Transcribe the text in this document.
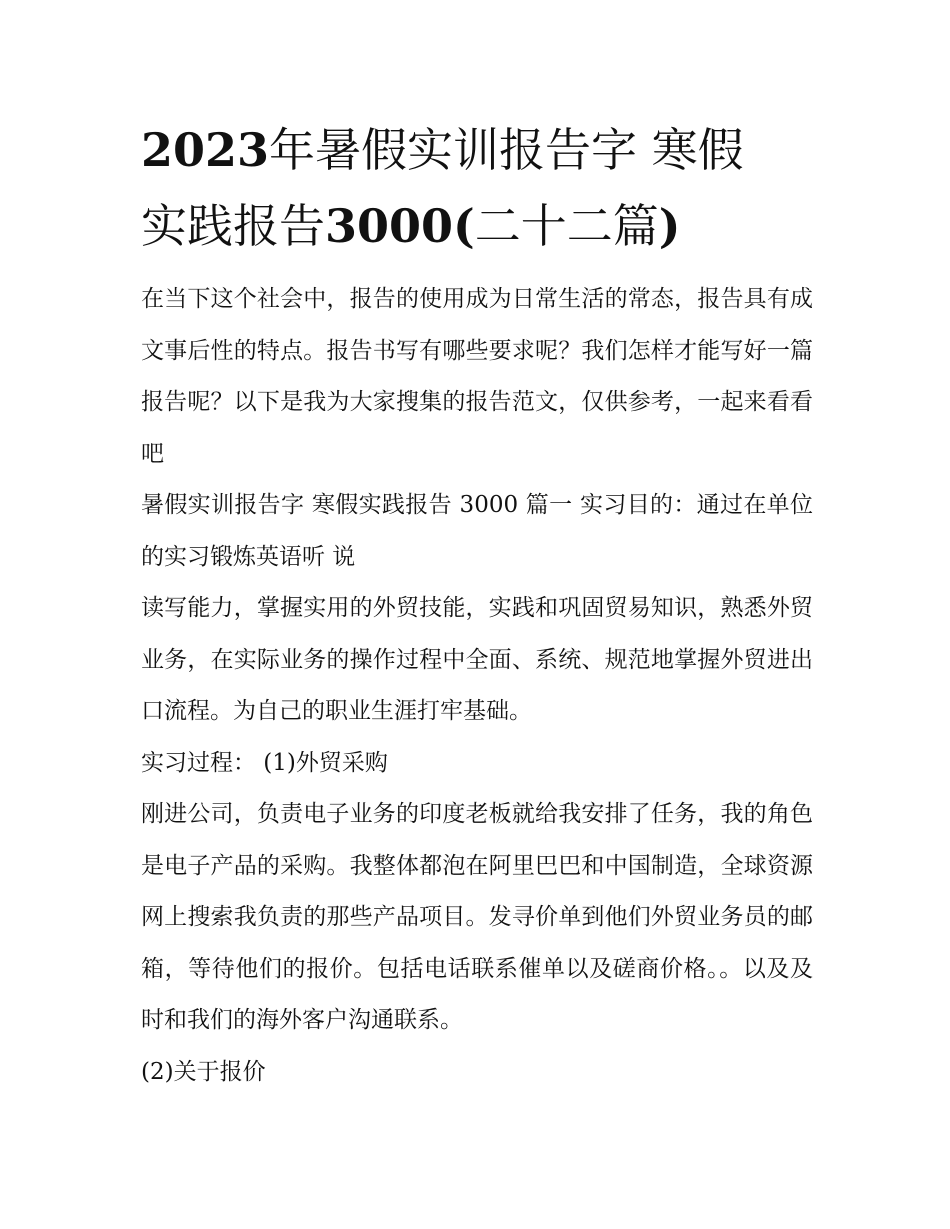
2023年暑假实训报告字 寒假
实践报告3000(二十二篇)

在当下这个社会中，报告的使用成为日常生活的常态，报告具有成文事后性的特点。报告书写有哪些要求呢？我们怎样才能写好一篇报告呢？以下是我为大家搜集的报告范文，仅供参考，一起来看看吧

暑假实训报告字 寒假实践报告 3000 篇一 实习目的：通过在单位的实习锻炼英语听 说

读写能力，掌握实用的外贸技能，实践和巩固贸易知识，熟悉外贸业务，在实际业务的操作过程中全面、系统、规范地掌握外贸进出口流程。为自己的职业生涯打牢基础。

实习过程： (1)外贸采购

刚进公司，负责电子业务的印度老板就给我安排了任务，我的角色是电子产品的采购。我整体都泡在阿里巴巴和中国制造，全球资源网上搜索我负责的那些产品项目。发寻价单到他们外贸业务员的邮箱，等待他们的报价。包括电话联系催单以及磋商价格。。以及及时和我们的海外客户沟通联系。

(2)关于报价
